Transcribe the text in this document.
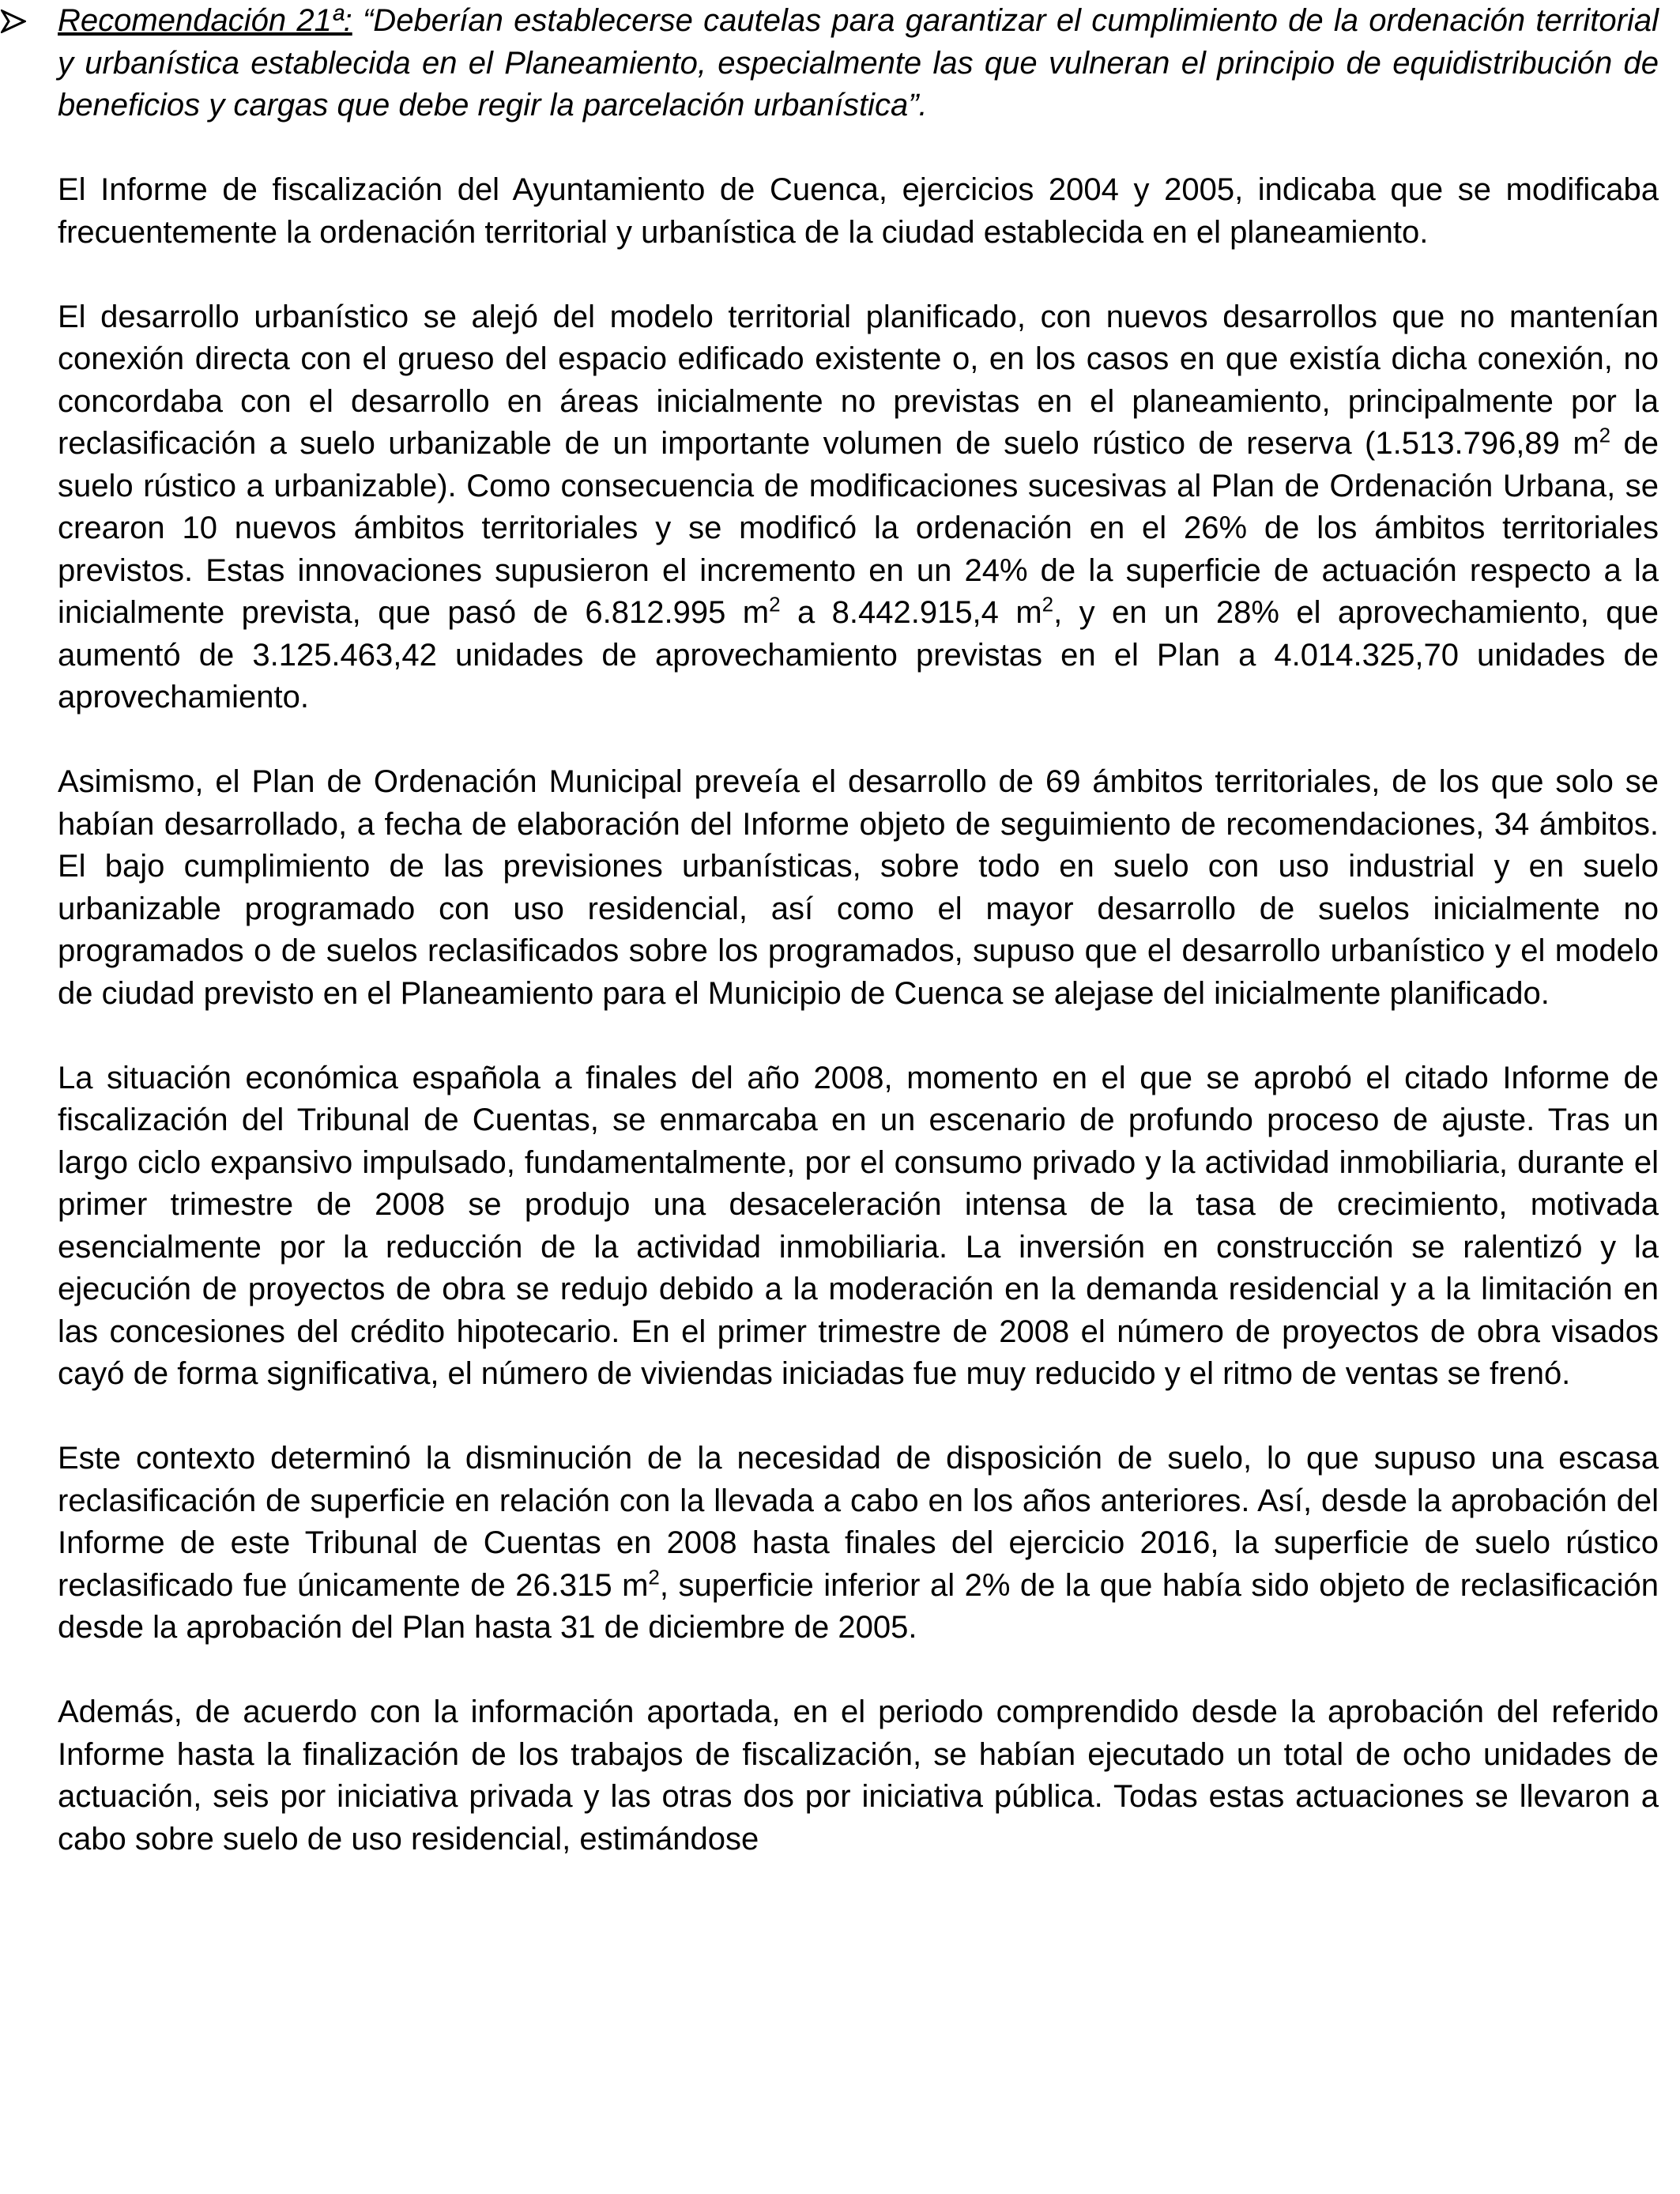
Recomendación 21ª: “Deberían establecerse cautelas para garantizar el cumplimiento de la ordenación territorial y urbanística establecida en el Planeamiento, especialmente las que vulneran el principio de equidistribución de beneficios y cargas que debe regir la parcelación urbanística”.

El Informe de fiscalización del Ayuntamiento de Cuenca, ejercicios 2004 y 2005, indicaba que se modificaba frecuentemente la ordenación territorial y urbanística de la ciudad establecida en el planeamiento.

El desarrollo urbanístico se alejó del modelo territorial planificado, con nuevos desarrollos que no mantenían conexión directa con el grueso del espacio edificado existente o, en los casos en que existía dicha conexión, no concordaba con el desarrollo en áreas inicialmente no previstas en el planeamiento, principalmente por la reclasificación a suelo urbanizable de un importante volumen de suelo rústico de reserva (1.513.796,89 $m^2$ de suelo rústico a urbanizable). Como consecuencia de modificaciones sucesivas al Plan de Ordenación Urbana, se crearon 10 nuevos ámbitos territoriales y se modificó la ordenación en el 26% de los ámbitos territoriales previstos. Estas innovaciones supusieron el incremento en un 24% de la superficie de actuación respecto a la inicialmente prevista, que pasó de 6.812.995 $m^2$ a 8.442.915,4 $m^2$, y en un 28% el aprovechamiento, que aumentó de 3.125.463,42 unidades de aprovechamiento previstas en el Plan a 4.014.325,70 unidades de aprovechamiento.

Asimismo, el Plan de Ordenación Municipal preveía el desarrollo de 69 ámbitos territoriales, de los que solo se habían desarrollado, a fecha de elaboración del Informe objeto de seguimiento de recomendaciones, 34 ámbitos. El bajo cumplimiento de las previsiones urbanísticas, sobre todo en suelo con uso industrial y en suelo urbanizable programado con uso residencial, así como el mayor desarrollo de suelos inicialmente no programados o de suelos reclasificados sobre los programados, supuso que el desarrollo urbanístico y el modelo de ciudad previsto en el Planeamiento para el Municipio de Cuenca se alejase del inicialmente planificado.

La situación económica española a finales del año 2008, momento en el que se aprobó el citado Informe de fiscalización del Tribunal de Cuentas, se enmarcaba en un escenario de profundo proceso de ajuste. Tras un largo ciclo expansivo impulsado, fundamentalmente, por el consumo privado y la actividad inmobiliaria, durante el primer trimestre de 2008 se produjo una desaceleración intensa de la tasa de crecimiento, motivada esencialmente por la reducción de la actividad inmobiliaria. La inversión en construcción se ralentizó y la ejecución de proyectos de obra se redujo debido a la moderación en la demanda residencial y a la limitación en las concesiones del crédito hipotecario. En el primer trimestre de 2008 el número de proyectos de obra visados cayó de forma significativa, el número de viviendas iniciadas fue muy reducido y el ritmo de ventas se frenó.

Este contexto determinó la disminución de la necesidad de disposición de suelo, lo que supuso una escasa reclasificación de superficie en relación con la llevada a cabo en los años anteriores. Así, desde la aprobación del Informe de este Tribunal de Cuentas en 2008 hasta finales del ejercicio 2016, la superficie de suelo rústico reclasificado fue únicamente de 26.315 $m^2$, superficie inferior al 2% de la que había sido objeto de reclasificación desde la aprobación del Plan hasta 31 de diciembre de 2005.

Además, de acuerdo con la información aportada, en el periodo comprendido desde la aprobación del referido Informe hasta la finalización de los trabajos de fiscalización, se habían ejecutado un total de ocho unidades de actuación, seis por iniciativa privada y las otras dos por iniciativa pública. Todas estas actuaciones se llevaron a cabo sobre suelo de uso residencial, estimándose
